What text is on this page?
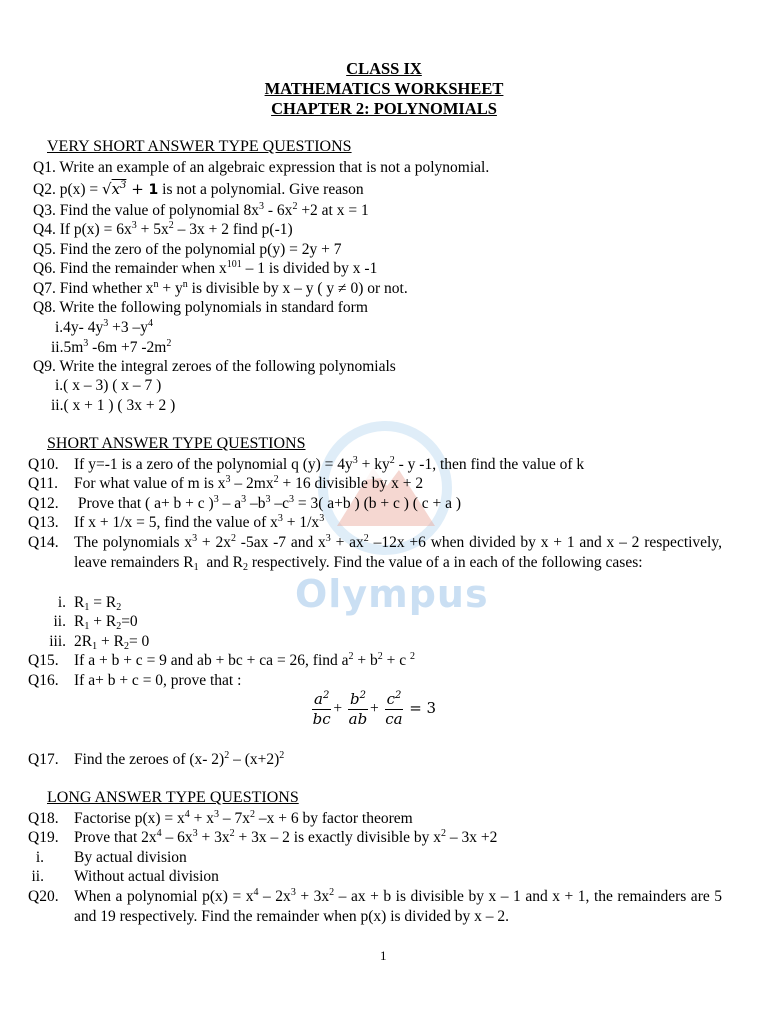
Olympus
CLASS IX
MATHEMATICS WORKSHEET
CHAPTER 2: POLYNOMIALS
VERY SHORT ANSWER TYPE QUESTIONS
Q1. Write an example of an algebraic expression that is not a polynomial.
Q2. $p(x) = √x^3 + 1$ is not a polynomial. Give reason
Q3. Find the value of polynomial $8x^3 - 6x^2 +2$ at x = 1
Q4. If $p(x) = 6x^3 + 5x^2 - 3x + 2$ find p(-1)
Q5. Find the zero of the polynomial p(y) = 2y + 7
Q6. Find the remainder when $x^{101} - 1$ is divided by x -1
Q7. Find whether $x^n + y^n$ is divisible by x – y ( y ≠ 0) or not.
Q8. Write the following polynomials in standard form
i.4y- $4y^3 +3$ $-y^4$
$ii.5m^3$ -6m +7 $-2m^2$
Q9. Write the integral zeroes of the following polynomials
i.( x – 3) ( x – 7 )
ii.( x + 1 ) ( 3x + 2 )
SHORT ANSWER TYPE QUESTIONS
Q10. If y=-1 is a zero of the polynomial q $(y) = 4y^3 + ky^2 - y$ -1, then find the value of k
Q11. For what value of m is $x^3 - 2mx^2 + 16$ divisible by x + 2
Q12. Prove that ( a+ b + c )$^3 - a^3$ $-b^3$ $-c^3 = 3$( a+b ) (b + c ) ( c + a )
Q13. If x + 1/x = 5, find the value of $x^3 + 1/x^3$
Q14. The polynomials $x^3 + 2x^2$ -5ax -7 and $x^3 + ax^2$ –12x +6 when divided by x + 1 and x – 2 respectively, leave remainders $R_1$  and $R_2$ respectively. Find the value of a in each of the following cases:
i. $R_1 = R_2$
ii. $R_1 + R_2=0$
iii. $2R_1 + R_2= 0$
Q15. If a + b + c = 9 and ab + bc + ca = 26, find $a^2 + b^2 + c$ $^2$
Q16. If a+ b + c = 0, prove that :
$\frac{a^2}{bc} + \frac{b^2}{ab} + \frac{c^2}{ca} = 3$
Q17. Find the zeroes of (x- $2)^2 - (x+2)^2$
LONG ANSWER TYPE QUESTIONS
Q18. Factorise $p(x) = x^4 + x^3 - 7x^2$ –x + 6 by factor theorem
Q19. Prove that $2x^4 - 6x^3 + 3x^2 + 3x - 2$ is exactly divisible by $x^2 - 3x +2$
i. By actual division
ii. Without actual division
Q20. When a polynomial $p(x) = x^4 - 2x^3 + 3x^2$ – ax + b is divisible by x – 1 and x + 1, the remainders are 5 and 19 respectively. Find the remainder when p(x) is divided by x – 2.
1
